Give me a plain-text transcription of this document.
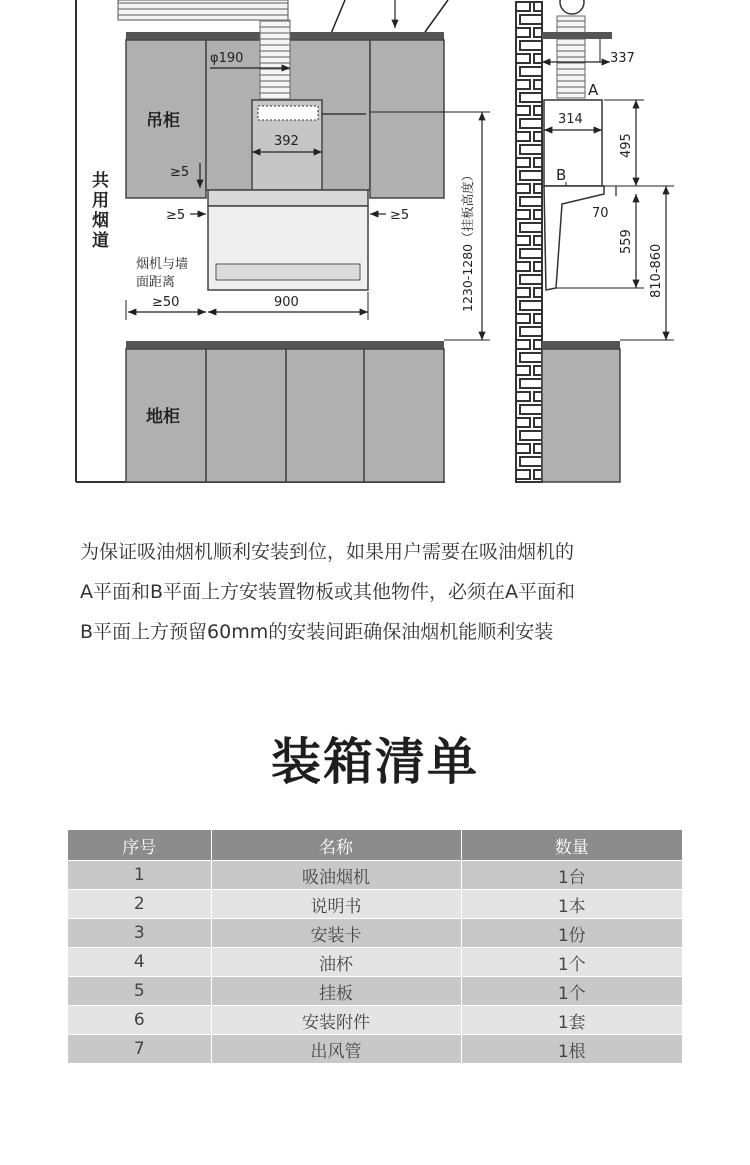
共 用 烟 道
吊柜
φ190
392
≥5
≥5	≥5
烟机与墙 面距离
≥50	900	1230-1280（挂板高度）
地柜
337
A
314
B
495
70
559
810-860
为保证吸油烟机顺利安装到位，如果用户需要在吸油烟机的
A平面和B平面上方安装置物板或其他物件，必须在A平面和
B平面上方预留60mm的安装间距确保油烟机能顺利安装
装箱清单
序号	名称	数量
1	吸油烟机	1台
2	说明书	1本
3	安装卡	1份
4	油杯	1个
5	挂板	1个
6	安装附件	1套
7	出风管	1根
